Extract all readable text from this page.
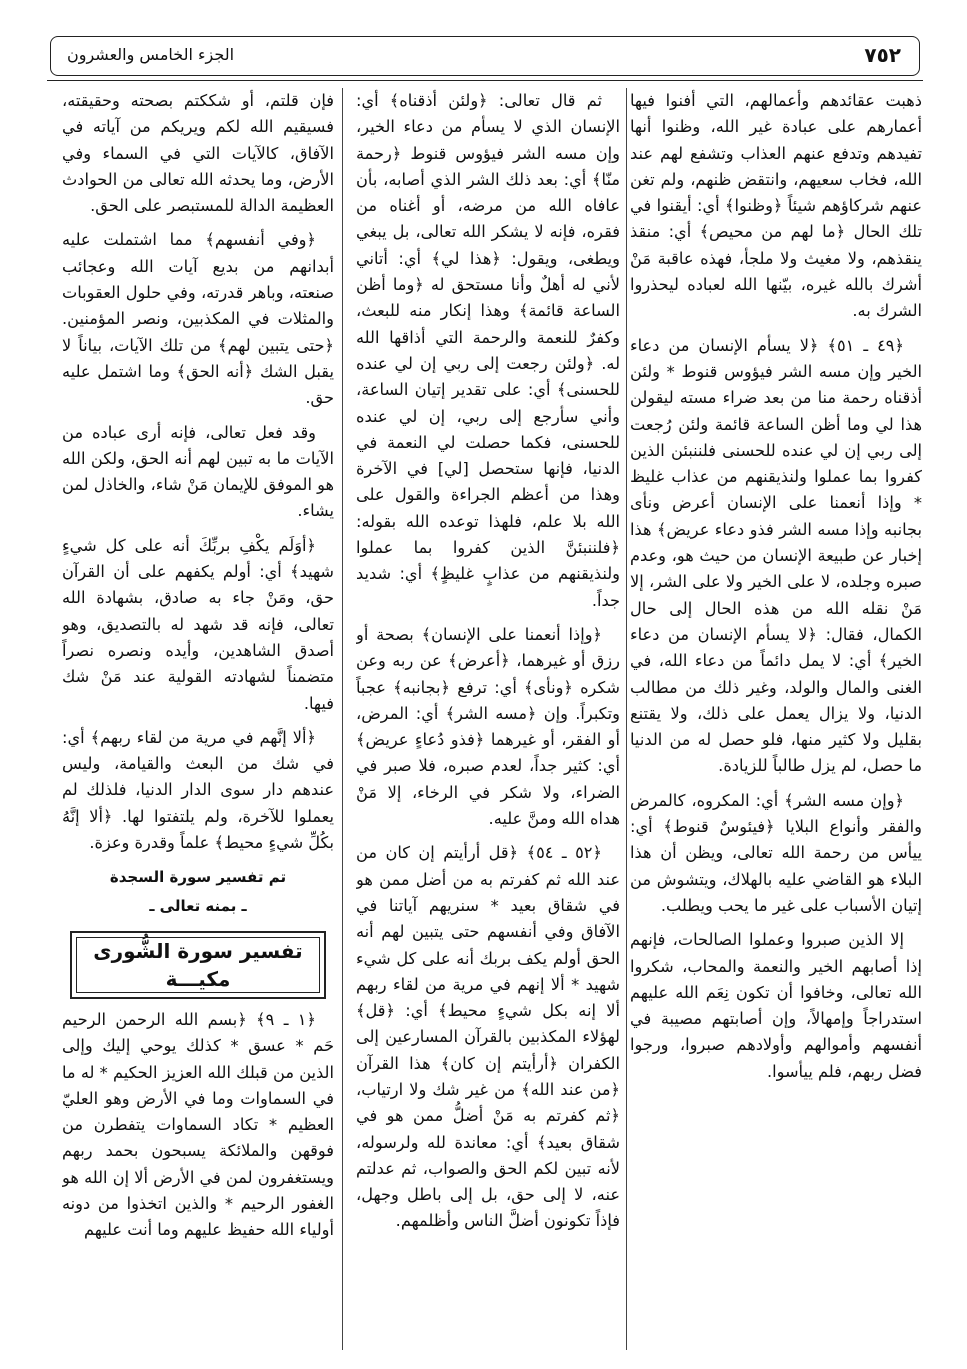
٧٥٢
الجزء الخامس والعشرون

ذهبت عقائدهم وأعمالهم، التي أفنوا فيها أعمارهم على عبادة غير الله، وظنوا أنها تفيدهم وتدفع عنهم العذاب وتشفع لهم عند الله، فخاب سعيهم، وانتقض ظنهم، ولم تغن عنهم شركاؤهم شيئاً ﴿وظنوا﴾ أي: أيقنوا في تلك الحال ﴿ما لهم من محيص﴾ أي: منقذ ينقذهم، ولا مغيث ولا ملجأ، فهذه عاقبة مَنْ أشرك بالله غيره، بيّنها الله لعباده ليحذروا الشرك به.

﴿٤٩ ـ ٥١﴾ ﴿لا يسأم الإنسان من دعاء الخير وإن مسه الشر فيؤوس قنوط * ولئن أذقناه رحمة منا من بعد ضراء مسته ليقولن هذا لي وما أظن الساعة قائمة ولئن رُجعت إلى ربي إن لي عنده للحسنى فلننبئن الذين كفروا بما عملوا ولنذيقنهم من عذاب غليظ * وإذا أنعمنا على الإنسان أعرض ونأى بجانبه وإذا مسه الشر فذو دعاء عريض﴾ هذا إخبار عن طبيعة الإنسان من حيث هو، وعدم صبره وجلده، لا على الخير ولا على الشر، إلا مَنْ نقله الله من هذه الحال إلى حال الكمال، فقال: ﴿لا يسأم الإنسان من دعاء الخير﴾ أي: لا يمل دائماً من دعاء الله، في الغنى والمال والولد، وغير ذلك من مطالب الدنيا، ولا يزال يعمل على ذلك، ولا يقتنع بقليل ولا كثير منها، فلو حصل له من الدنيا ما حصل، لم يزل طالباً للزيادة.

﴿وإن مسه الشر﴾ أي: المكروه، كالمرض والفقر وأنواع البلايا ﴿فيئوسٌ قنوط﴾ أي: ييأس من رحمة الله تعالى، ويظن أن هذا البلاء هو القاضي عليه بالهلاك، ويتشوش من إتيان الأسباب على غير ما يحب ويطلب.

إلا الذين صبروا وعملوا الصالحات، فإنهم إذا أصابهم الخير والنعمة والمحاب، شكروا الله تعالى، وخافوا أن تكون نِعَم الله عليهم استدراجاً وإمهالاً، وإن أصابتهم مصيبة في أنفسهم وأموالهم وأولادهم صبروا، ورجوا فضل ربهم، فلم ييأسوا.

ثم قال تعالى: ﴿ولئن أذقناه﴾ أي: الإنسان الذي لا يسأم من دعاء الخير، وإن مسه الشر فيؤوس قنوط ﴿رحمة منّا﴾ أي: بعد ذلك الشر الذي أصابه، بأن عافاه الله من مرضه، أو أغناه من فقره، فإنه لا يشكر الله تعالى، بل يبغي ويطغى، ويقول: ﴿هذا لي﴾ أي: أتاني لأني له أهلٌ وأنا مستحق له ﴿وما أظن الساعة قائمة﴾ وهذا إنكار منه للبعث، وكفرٌ للنعمة والرحمة التي أذاقها الله له. ﴿ولئن رجعت إلى ربي إن لي عنده للحسنى﴾ أي: على تقدير إتيان الساعة، وأني سأرجع إلى ربي، إن لي عنده للحسنى، فكما حصلت لي النعمة في الدنيا، فإنها ستحصل [لي] في الآخرة وهذا من أعظم الجراءة والقول على الله بلا علم، فلهذا توعده الله بقوله: ﴿فلننبئنَّ الذين كفروا بما عملوا ولنذيقنهم من عذابٍ غليظٍ﴾ أي: شديد جداً.

﴿وإذا أنعمنا على الإنسان﴾ بصحة أو رزق أو غيرهما، ﴿أعرض﴾ عن ربه وعن شكره ﴿ونأى﴾ أي: ترفع ﴿بجانبه﴾ عجباً وتكبراً. وإن ﴿مسه الشر﴾ أي: المرض، أو الفقر، أو غيرهما ﴿فذو دُعاءٍ عريض﴾ أي: كثير جداً، لعدم صبره، فلا صبر في الضراء، ولا شكر في الرخاء، إلا مَنْ هداه الله ومنَّ عليه.

﴿٥٢ ـ ٥٤﴾ ﴿قل أرأيتم إن كان من عند الله ثم كفرتم به من أضل ممن هو في شقاق بعيد * سنريهم آياتنا في الآفاق وفي أنفسهم حتى يتبين لهم أنه الحق أولم يكف بربك أنه على كل شيء شهيد * ألا إنهم في مرية من لقاء ربهم ألا إنه بكل شيءٍ محيط﴾ أي: ﴿قل﴾ لهؤلاء المكذبين بالقرآن المسارعين إلى الكفران ﴿أرأيتم إن كان﴾ هذا القرآن ﴿من عند الله﴾ من غير شك ولا ارتياب، ﴿ثم كفرتم به مَنْ أضلُّ ممن هو في شقاق بعيد﴾ أي: معاندة لله ولرسوله، لأنه تبين لكم الحق والصواب، ثم عدلتم عنه، لا إلى حق، بل إلى باطل وجهل، فإذاً تكونون أضلَّ الناس وأظلمهم.

فإن قلتم، أو شككتم بصحته وحقيقته، فسيقيم الله لكم ويريكم من آياته في الآفاق، كالآيات التي في السماء وفي الأرض، وما يحدثه الله تعالى من الحوادث العظيمة الدالة للمستبصر على الحق.

﴿وفي أنفسهم﴾ مما اشتملت عليه أبدانهم من بديع آيات الله وعجائب صنعته، وباهر قدرته، وفي حلول العقوبات والمثلات في المكذبين، ونصر المؤمنين. ﴿حتى يتبين لهم﴾ من تلك الآيات، بياناً لا يقبل الشك ﴿أنه الحق﴾ وما اشتمل عليه حق.

وقد فعل تعالى، فإنه أرى عباده من الآيات ما به تبين لهم أنه الحق، ولكن الله هو الموفق للإيمان مَنْ شاء، والخاذل لمن يشاء.

﴿أوَلَم يكْفِ بربِّكَ أنه على كل شيءٍ شهيد﴾ أي: أولم يكفهم على أن القرآن حق، ومَنْ جاء به صادق، بشهادة الله تعالى، فإنه قد شهد له بالتصديق، وهو أصدق الشاهدين، وأيده ونصره نصراً متضمناً لشهادته القولية عند مَنْ شك فيها.

﴿ألا إنَّهم في مرية من لقاء ربهم﴾ أي: في شك من البعث والقيامة، وليس عندهم دار سوى الدار الدنيا، فلذلك لم يعملوا للآخرة، ولم يلتفتوا لها. ﴿ألا إنَّهُ بكُلِّ شيءٍ محيط﴾ علماً وقدرة وعزة.

تم تفسير سورة السجدة
ـ بمنه تعالى ـ
تفسير سورة الشُّورى
مكيـــة

﴿١ ـ ٩﴾ ﴿بسم الله الرحمن الرحيم حَم * عسق * كذلك يوحي إليك وإلى الذين من قبلك الله العزيز الحكيم * له ما في السماوات وما في الأرض وهو العليّ العظيم * تكاد السماوات يتفطرن من فوقهن والملائكة يسبحون بحمد ربهم ويستغفرون لمن في الأرض ألا إن الله هو الغفور الرحيم * والذين اتخذوا من دونه أولياء الله حفيظ عليهم وما أنت عليهم
